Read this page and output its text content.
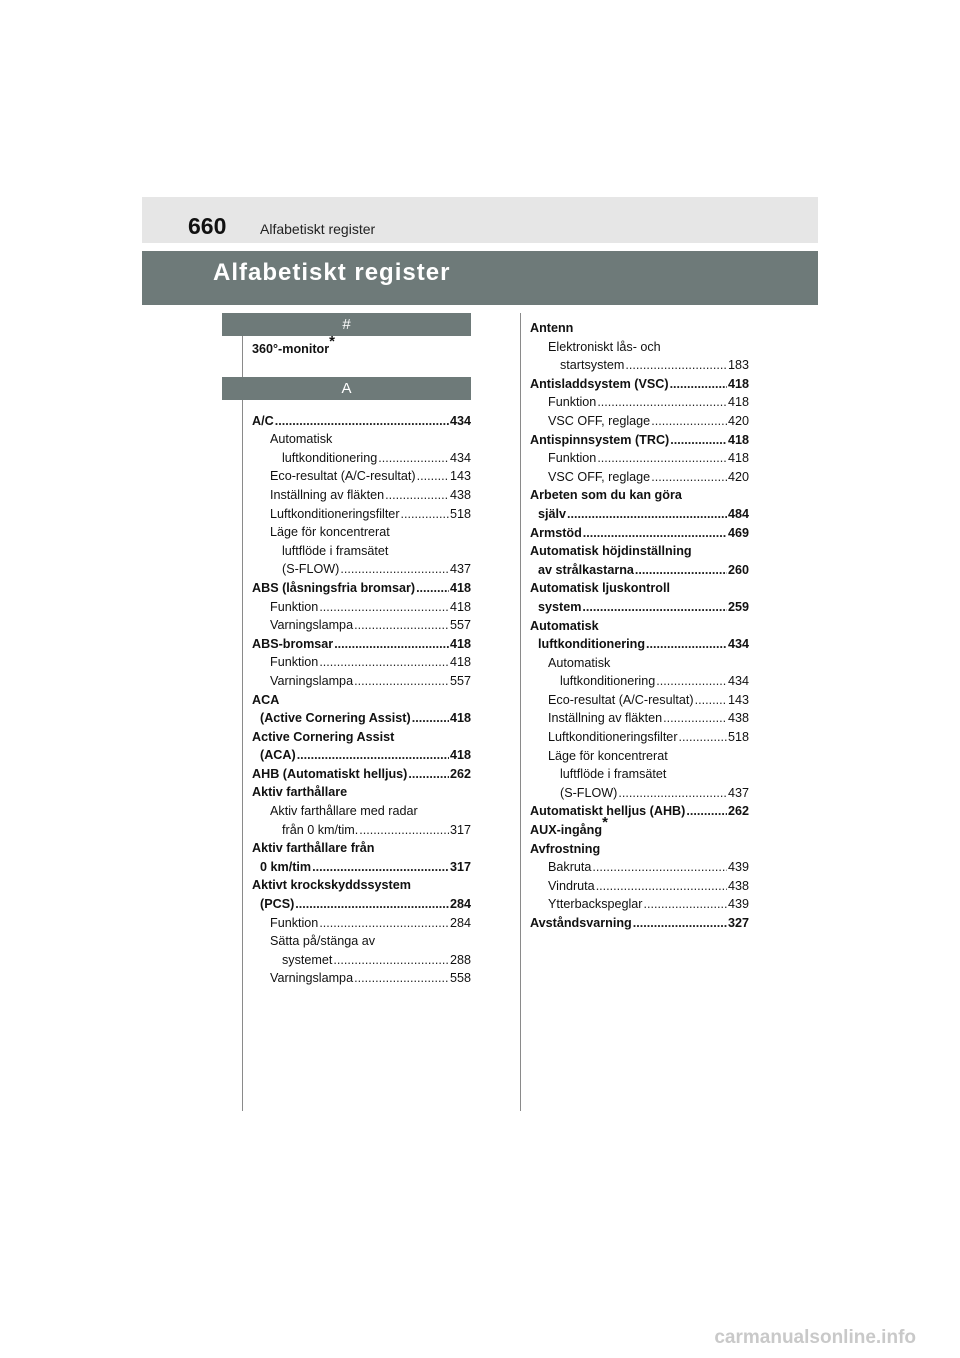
660 Alfabetiskt register
Alfabetiskt register
#
360°-monitor*
A
A/C .....	434
Automatisk
luftkonditionering .....	434
Eco-resultat (A/C-resultat) .....	143
Inställning av fläkten .....	438
Luftkonditioneringsfilter .....	518
Läge för koncentrerat
luftflöde i framsätet
(S-FLOW) .....	437
ABS (låsningsfria bromsar) .....	418
Funktion .....	418
Varningslampa .....	557
ABS-bromsar .....	418
Funktion .....	418
Varningslampa .....	557
ACA
(Active Cornering Assist) .....	418
Active Cornering Assist
(ACA) .....	418
AHB (Automatiskt helljus) .....	262
Aktiv farthållare
Aktiv farthållare med radar
från 0 km/tim. .....	317
Aktiv farthållare från
0 km/tim .....	317
Aktivt krockskyddssystem
(PCS) .....	284
Funktion .....	284
Sätta på/stänga av
systemet .....	288
Varningslampa .....	558
Antenn
Elektroniskt lås- och
startsystem .....	183
Antisladdsystem (VSC) .....	418
Funktion .....	418
VSC OFF, reglage .....	420
Antispinnsystem (TRC) .....	418
Funktion .....	418
VSC OFF, reglage .....	420
Arbeten som du kan göra
själv .....	484
Armstöd .....	469
Automatisk höjdinställning
av strålkastarna .....	260
Automatisk ljuskontroll
system .....	259
Automatisk
luftkonditionering .....	434
Automatisk
luftkonditionering .....	434
Eco-resultat (A/C-resultat) .....	143
Inställning av fläkten .....	438
Luftkonditioneringsfilter .....	518
Läge för koncentrerat
luftflöde i framsätet
(S-FLOW) .....	437
Automatiskt helljus (AHB) .....	262
AUX-ingång*
Avfrostning
Bakruta .....	439
Vindruta .....	438
Ytterbackspeglar .....	439
Avståndsvarning .....	327
carmanualsonline.info
